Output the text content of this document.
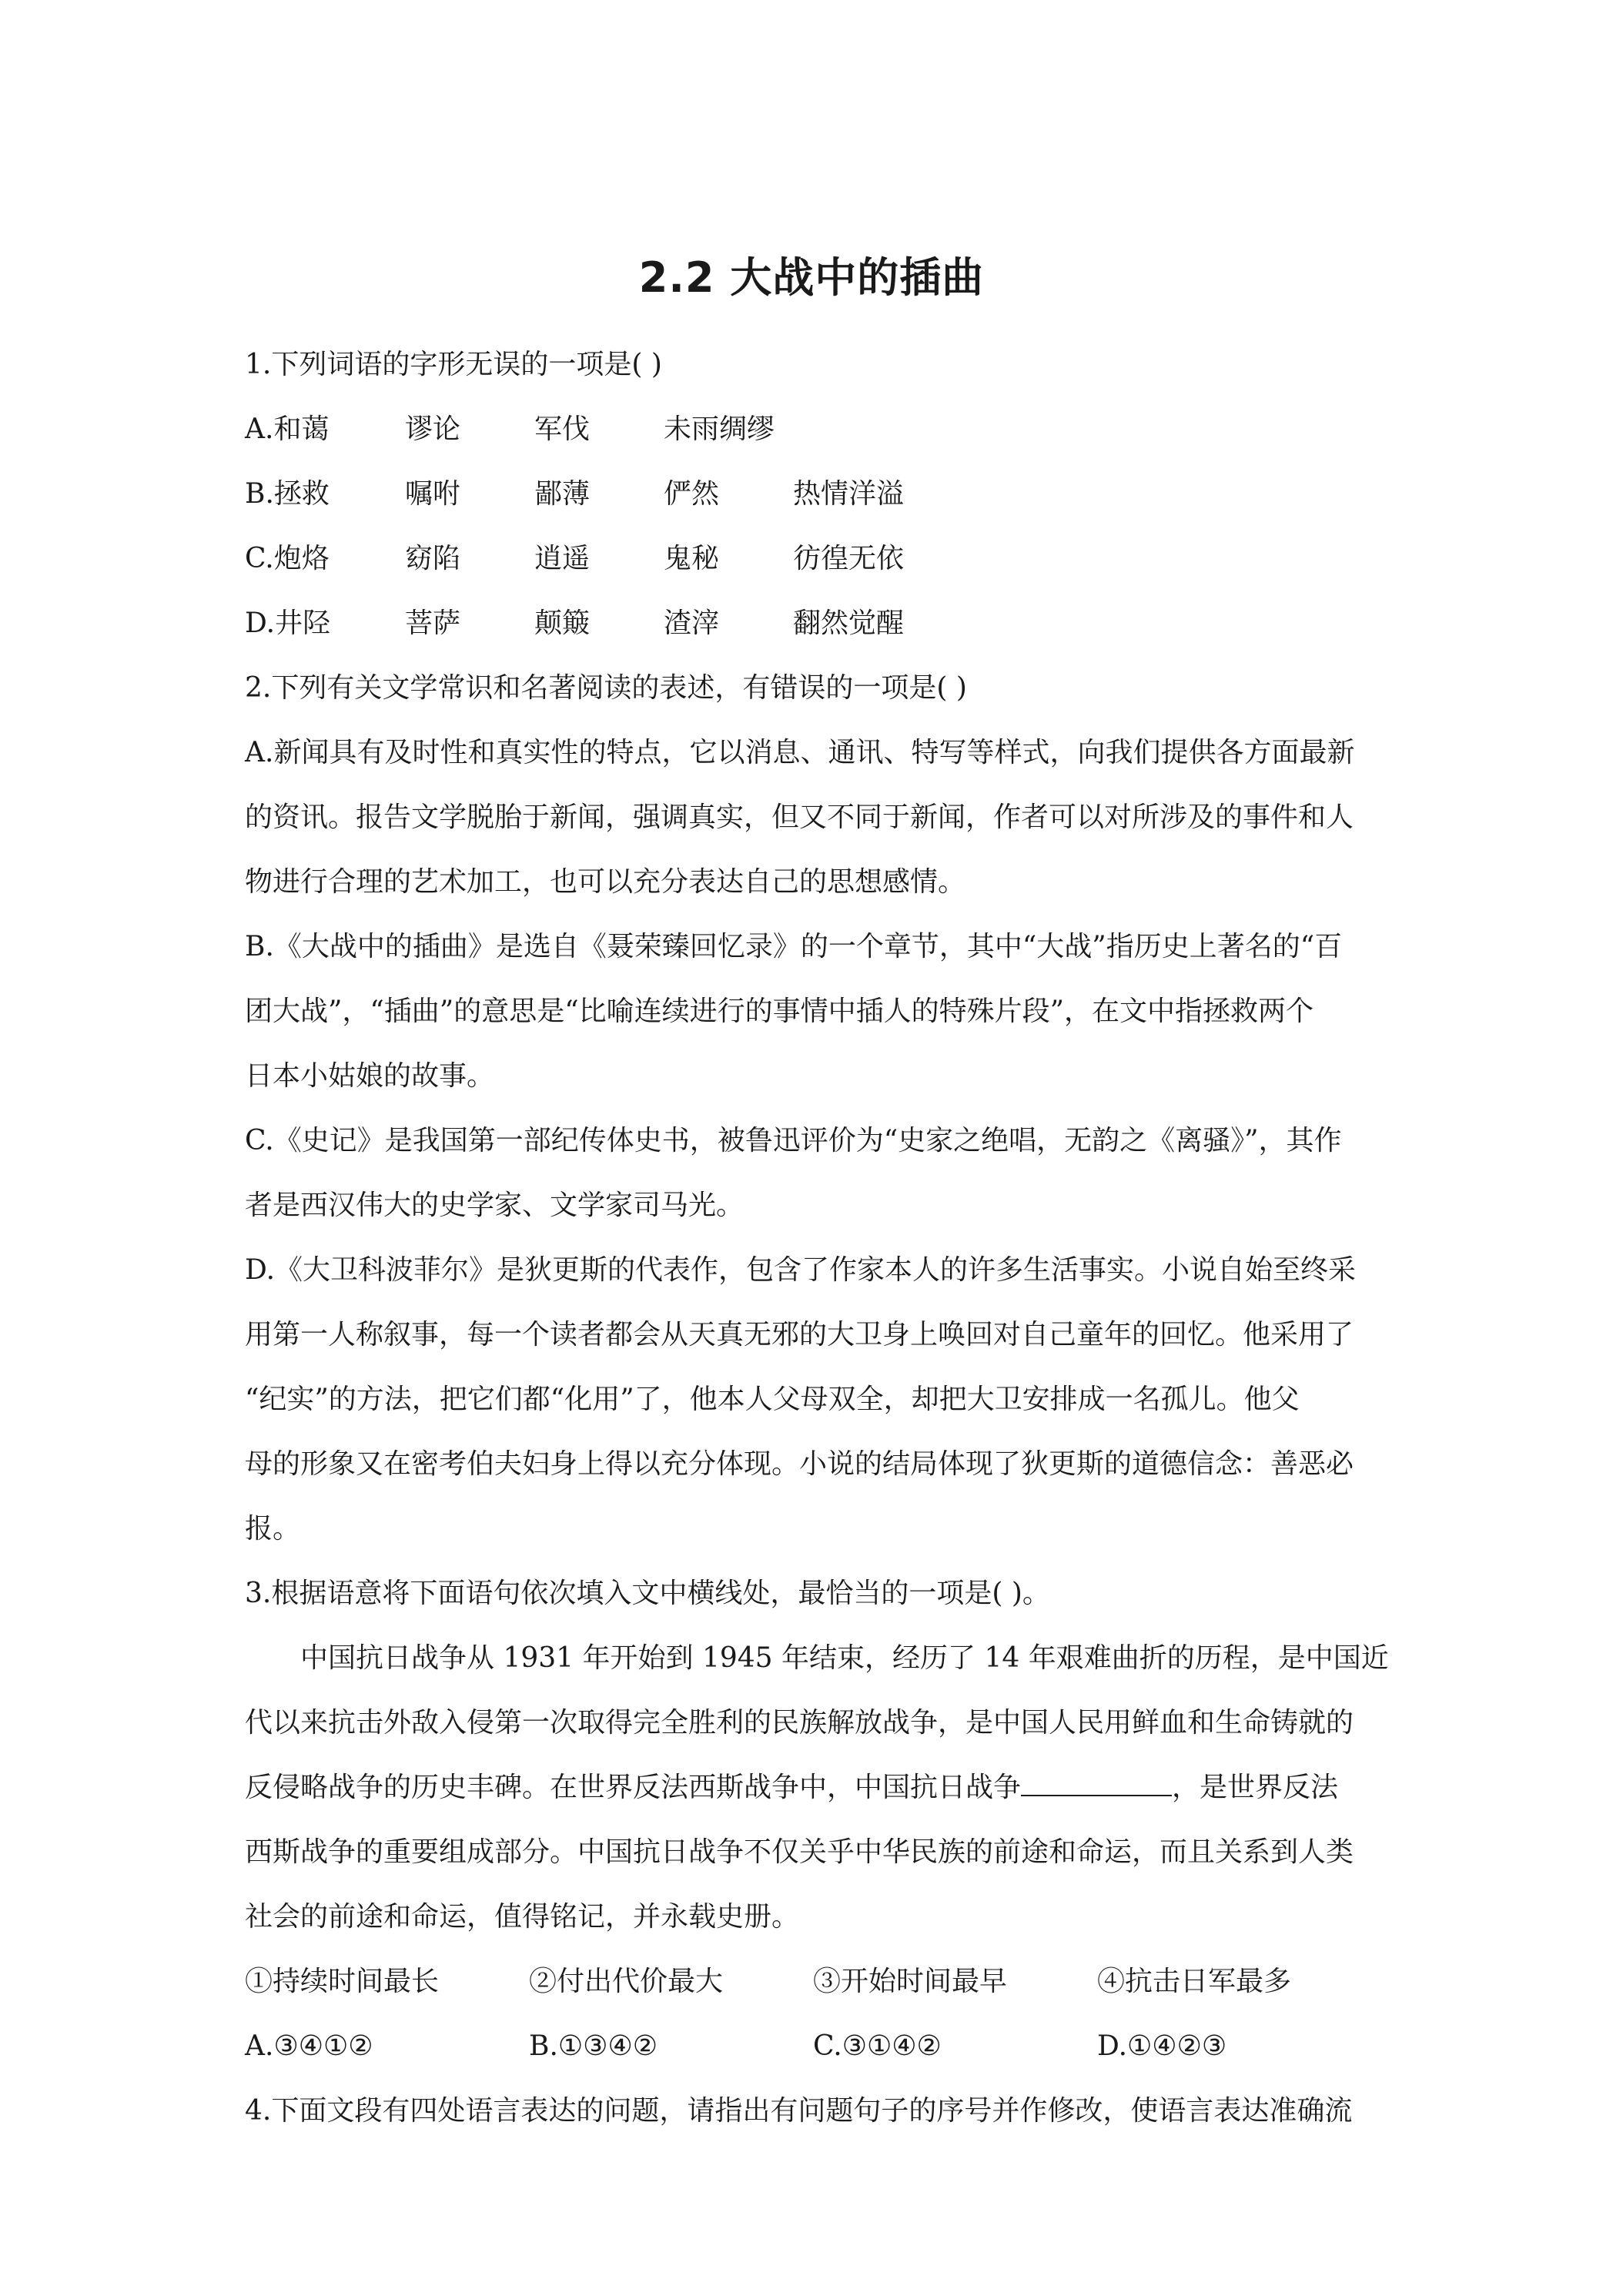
2.2 大战中的插曲
1.下列词语的字形无误的一项是( )
A.和蔼	谬论	军伐	未雨绸缪
B.拯救	嘱咐	鄙薄	俨然	热情洋溢
C.炮烙	窈陷	逍遥	鬼秘	彷徨无依
D.井陉	菩萨	颠簸	渣滓	翻然觉醒
2.下列有关文学常识和名著阅读的表述，有错误的一项是( )
A.新闻具有及时性和真实性的特点，它以消息、通讯、特写等样式，向我们提供各方面最新
的资讯。报告文学脱胎于新闻，强调真实，但又不同于新闻，作者可以对所涉及的事件和人
物进行合理的艺术加工，也可以充分表达自己的思想感情。
B.《大战中的插曲》是选自《聂荣臻回忆录》的一个章节，其中“大战”指历史上著名的“百
团大战”，“插曲”的意思是“比喻连续进行的事情中插人的特殊片段”，在文中指拯救两个
日本小姑娘的故事。
C.《史记》是我国第一部纪传体史书，被鲁迅评价为“史家之绝唱，无韵之《离骚》”，其作
者是西汉伟大的史学家、文学家司马光。
D.《大卫科波菲尔》是狄更斯的代表作，包含了作家本人的许多生活事实。小说自始至终采
用第一人称叙事，每一个读者都会从天真无邪的大卫身上唤回对自己童年的回忆。他采用了
“纪实”的方法，把它们都“化用”了，他本人父母双全，却把大卫安排成一名孤儿。他父
母的形象又在密考伯夫妇身上得以充分体现。小说的结局体现了狄更斯的道德信念：善恶必
报。
3.根据语意将下面语句依次填入文中横线处，最恰当的一项是( )。
中国抗日战争从 1931 年开始到 1945 年结束，经历了 14 年艰难曲折的历程，是中国近
代以来抗击外敌入侵第一次取得完全胜利的民族解放战争，是中国人民用鲜血和生命铸就的
反侵略战争的历史丰碑。在世界反法西斯战争中，中国抗日战争	，是世界反法
西斯战争的重要组成部分。中国抗日战争不仅关乎中华民族的前途和命运，而且关系到人类
社会的前途和命运，值得铭记，并永载史册。
①持续时间最长	②付出代价最大	③开始时间最早	④抗击日军最多
A.③④①②	B.①③④②	C.③①④②	D.①④②③
4.下面文段有四处语言表达的问题，请指出有问题句子的序号并作修改，使语言表达准确流
